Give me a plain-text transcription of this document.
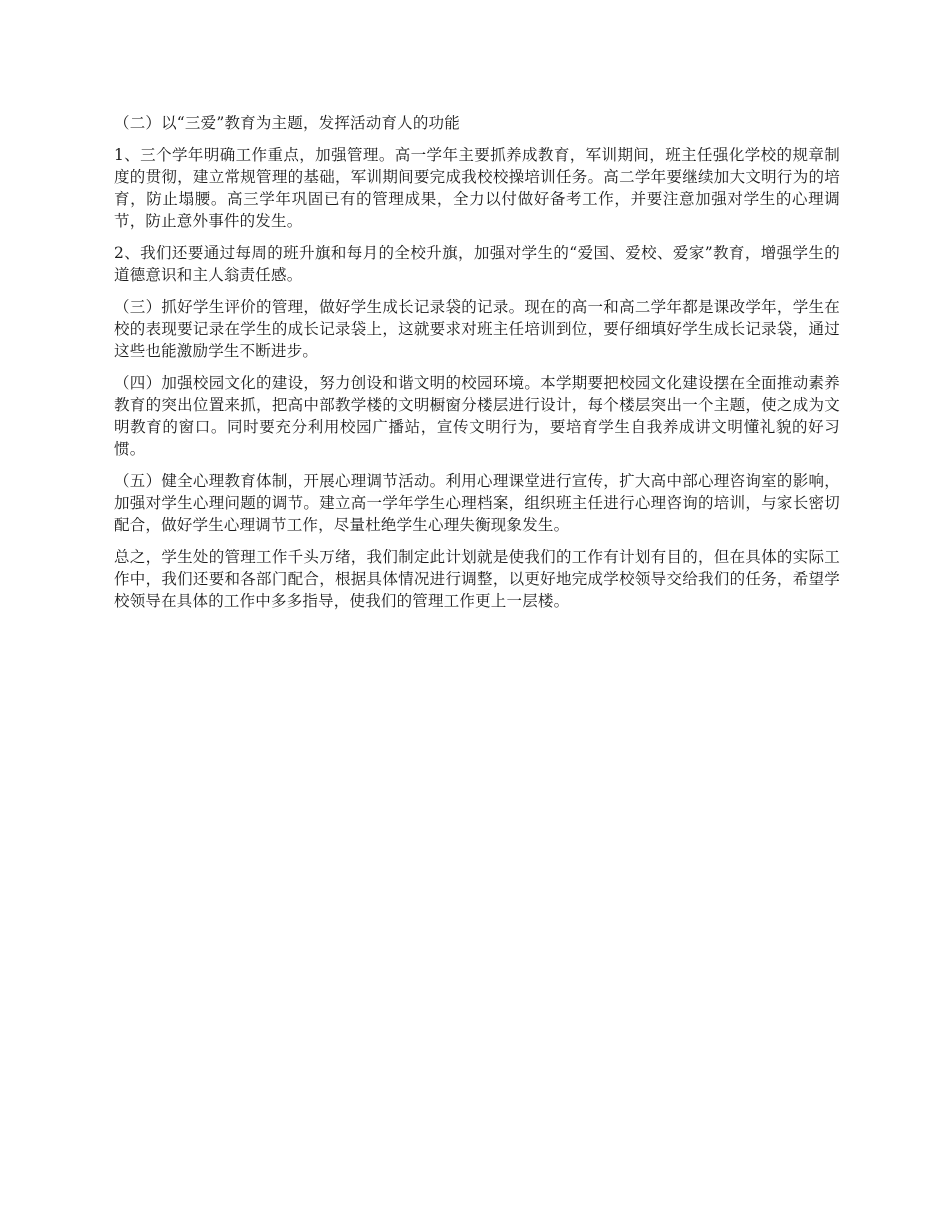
（二）以“三爱”教育为主题，发挥活动育人的功能

1、三个学年明确工作重点，加强管理。高一学年主要抓养成教育，军训期间，班主任强化学校的规章制度的贯彻，建立常规管理的基础，军训期间要完成我校校操培训任务。高二学年要继续加大文明行为的培育，防止塌腰。高三学年巩固已有的管理成果，全力以付做好备考工作，并要注意加强对学生的心理调节，防止意外事件的发生。

2、我们还要通过每周的班升旗和每月的全校升旗，加强对学生的“爱国、爱校、爱家”教育，增强学生的道德意识和主人翁责任感。

（三）抓好学生评价的管理，做好学生成长记录袋的记录。现在的高一和高二学年都是课改学年，学生在校的表现要记录在学生的成长记录袋上，这就要求对班主任培训到位，要仔细填好学生成长记录袋，通过这些也能激励学生不断进步。

（四）加强校园文化的建设，努力创设和谐文明的校园环境。本学期要把校园文化建设摆在全面推动素养教育的突出位置来抓，把高中部教学楼的文明橱窗分楼层进行设计，每个楼层突出一个主题，使之成为文明教育的窗口。同时要充分利用校园广播站，宣传文明行为，要培育学生自我养成讲文明懂礼貌的好习惯。

（五）健全心理教育体制，开展心理调节活动。利用心理课堂进行宣传，扩大高中部心理咨询室的影响，加强对学生心理问题的调节。建立高一学年学生心理档案，组织班主任进行心理咨询的培训，与家长密切配合，做好学生心理调节工作，尽量杜绝学生心理失衡现象发生。

总之，学生处的管理工作千头万绪，我们制定此计划就是使我们的工作有计划有目的，但在具体的实际工作中，我们还要和各部门配合，根据具体情况进行调整，以更好地完成学校领导交给我们的任务，希望学校领导在具体的工作中多多指导，使我们的管理工作更上一层楼。
